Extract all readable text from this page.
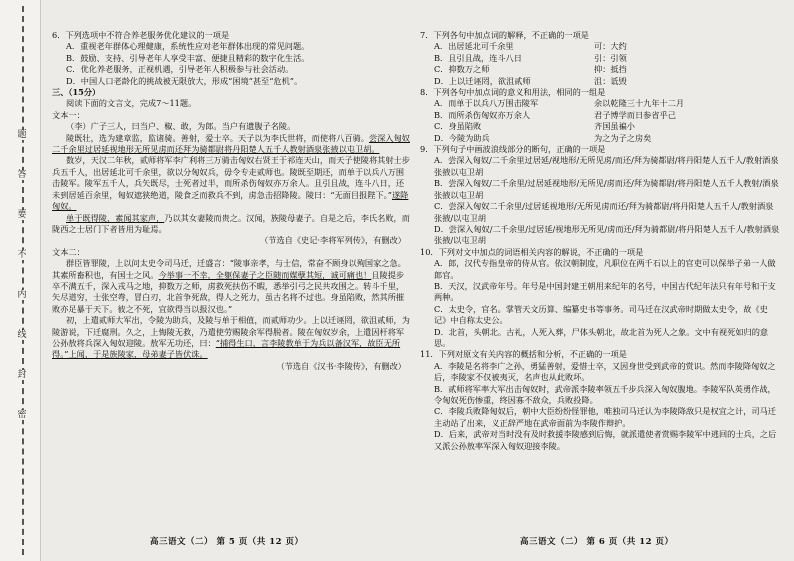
题
答
要
不
内
线
封
密

6．下列选项中不符合养老服务优化建议的一项是

A．重视老年群体心理健康，系统性应对老年群体出现的常见问题。
B．鼓励、支持、引导老年人享受丰富、便捷且精彩的数字化生活。
C．优化养老服务，正视机遇，引导老年人积极参与社会活动。
D．中国人口老龄化的挑战被无限放大，形成“困境”甚至“危机”。

三、（15分）

阅读下面的文言文，完成7～11题。

文本一：

（李）广子三人，曰当户、椒、敢，为郎。当户有遗腹子名陵。

陵既壮，选为建章监，监诸骑。善射，爱士卒。天子以为李氏世将，而使将八百骑。尝深入匈奴二千余里过居延视地形无所见虏而还拜为骑都尉将丹阳楚人五千人教射酒泉张掖以屯卫胡。

数岁，天汉二年秋，贰师将军李广利将三万骑击匈奴右贤王于祁连天山，而天子使陵将其射士步兵五千人，出居延北可千余里，欲以分匈奴兵，毋令专走贰师也。陵既至期还，而单于以兵八万围击陵军。陵军五千人，兵矢既尽，士死者过半，而所杀伤匈奴亦万余人。且引且战，连斗八日，还未到居延百余里，匈奴遮狭绝道，陵食乏而救兵不到，虏急击招降陵。陵曰：“无面目报陛下。”遂降匈奴。

单于既得陵，素闻其家声，乃以其女妻陵而贵之。汉闻，族陵母妻子。自是之后，李氏名败，而陇西之士居门下者皆用为耻焉。

（节选自《史记·李将军列传》，有删改）

文本二：

群臣皆罪陵，上以问太史令司马迁，迁盛言：“陵事亲孝，与士信，常奋不顾身以殉国家之急。其素所畜积也，有国士之风。今举事一不幸，全躯保妻子之臣随而媒孽其短，诚可痛也！且陵提步卒不满五千，深入戎马之地，抑数万之师，虏救死扶伤不暇，悉举引弓之民共攻围之。转斗千里，矢尽道穷，士张空弮，冒白刃，北首争死敌，得人之死力，虽古名将不过也。身虽陷败，然其所摧败亦足暴于天下。彼之不死，宜欲得当以报汉也。”

初，上遣贰师大军出，令陵为助兵，及陵与单于相值，而贰师功少。上以迁诬罔，欲沮贰师，为陵游说，下迁腐刑。久之，上悔陵无救，乃遣使劳赐陵余军得脱者。陵在匈奴岁余，上遣因杆将军公孙敖将兵深入匈奴迎陵。敖军无功还，曰：“捕得生口，言李陵教单于为兵以备汉军，故臣无所得。”上闻，于是族陵家，母弟妻子皆伏诛。

（节选自《汉书·李陵传》，有删改）

7．下列各句中加点词的解释，不正确的一项是

A．出居延北可千余里	可：大约
B．且引且战，连斗八日	引：引领
C．抑数万之师	抑：抵挡
D．上以迁诬罔，欲沮贰师	沮：诋毁

8．下列各句中加点词的意义和用法，相同的一组是

A．而单于以兵八万围击陵军	余以乾隆三十九年十二月
B．而所杀伤匈奴亦万余人	君子博学而日参省乎己
C．身虽陷败	齐国虽褊小
D．今陵为助兵	为之为子之房矣

9．下列句子中画波浪线部分的断句，正确的一项是

A．尝深入匈奴/二千余里过居延/视地形/无所见虏/而还/拜为骑都尉/将丹阳楚人五千人/教射酒泉张掖以屯卫胡
B．尝深入匈奴/二千余里/过居延视地形/无所见/虏而还/拜为骑都尉/将丹阳楚人五千人教射/酒泉张掖以屯卫胡
C．尝深入匈奴二千余里/过居延视地形/无所见虏而还/拜为骑都尉/将丹阳楚人五千人/教射酒泉张掖/以屯卫胡
D．尝深入匈奴/二千余里/过居延/视地形无所见/虏而还/拜为骑都尉/将丹阳楚人五千人/教射酒泉张掖/以屯卫胡

10．下列对文中加点的词语相关内容的解说，不正确的一项是

A．郎，汉代专指皇帝的侍从官。依汉朝制度，凡职位在两千石以上的官吏可以保举子弟一人做郎官。
B．天汉，汉武帝年号。年号是中国封建王朝用来纪年的名号，中国古代纪年法只有年号和干支两种。
C．太史令，官名。掌管天文历算、编纂史书等事务。司马迁在汉武帝时期做太史令，故《史记》中自称太史公。
D．北首，头朝北。古礼，人死入葬，尸体头朝北，故北首为死人之象。文中有视死如归的意思。

11．下列对原文有关内容的概括和分析，不正确的一项是

A．李陵是名将李广之孙，勇猛善射，爱惜士卒，又因身世受到武帝的赏识。然而李陵降匈奴之后，李陵家不仅被夷灭，名声也从此败坏。
B．贰师将军率大军出击匈奴时，武帝派李陵率领五千步兵深入匈奴腹地。李陵军队英勇作战，令匈奴死伤惨重，终因寡不敌众，兵败投降。
C．李陵兵败降匈奴后，朝中大臣纷纷怪罪他，唯独司马迁认为李陵降敌只是权宜之计，司马迁主动站了出来，义正辞严地在武帝面前为李陵作辩护。
D．后来，武帝对当时没有及时救援李陵感到后悔，就派遣使者赏赐李陵军中逃回的士兵，之后又派公孙敖率军深入匈奴迎接李陵。
高三语文（二） 第 5 页（共 12 页）	高三语文（二） 第 6 页（共 12 页）
